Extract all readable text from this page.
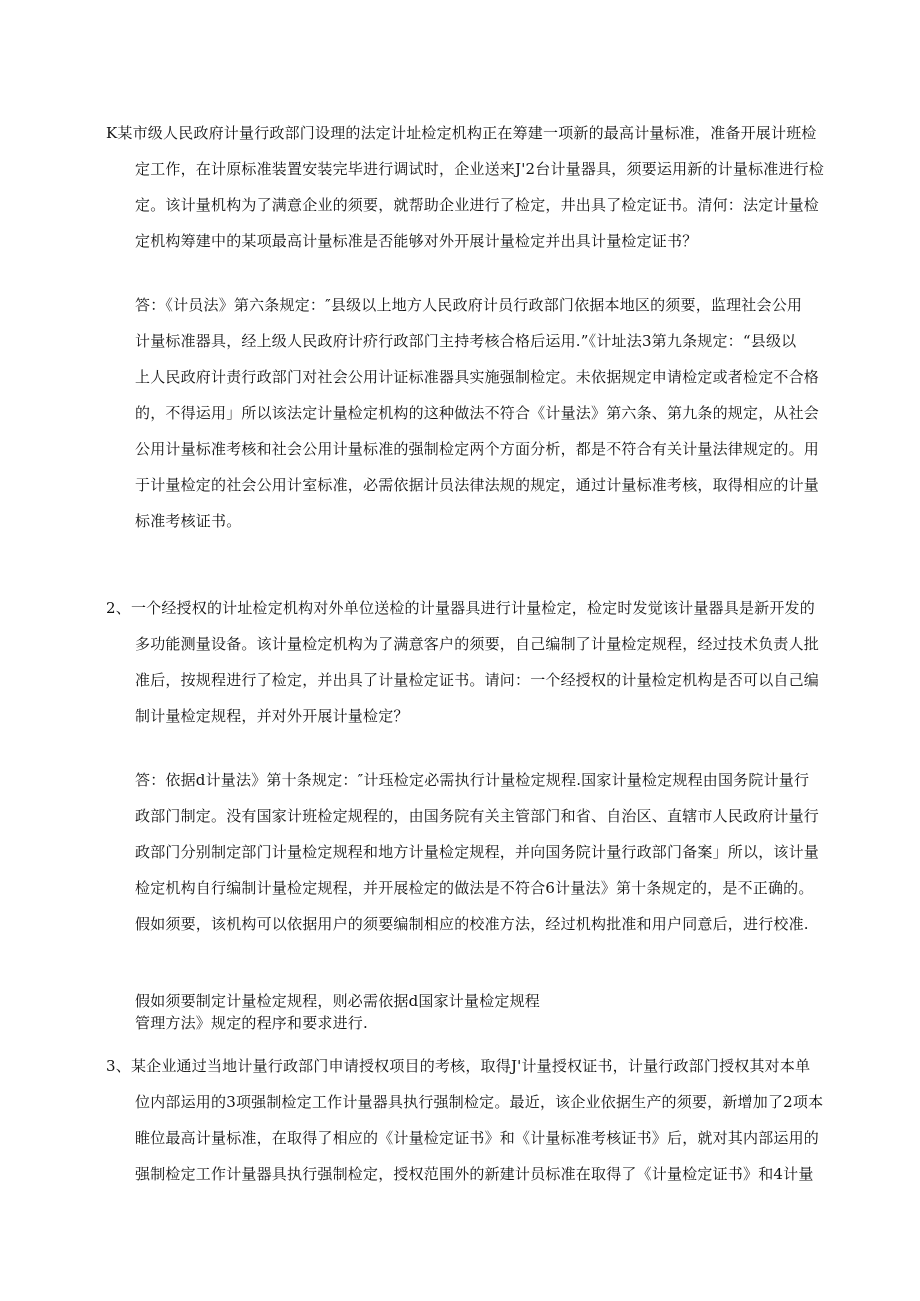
K某市级人民政府计量行政部门设理的法定计址检定机构正在筹建一项新的最高计量标准，准备开展计班检
定工作，在计原标准装置安装完毕进行调试时，企业送来J'2台计量器具，须要运用新的计量标准进行检
定。该计量机构为了满意企业的须要，就帮助企业进行了检定，井出具了检定证书。清何：法定计量检
定机构筹建中的某项最高计量标准是否能够对外开展计量检定并出具计量检定证书？
答：《计员法》第六条规定：″县级以上地方人民政府计员行政部门依据本地区的须要，监理社会公用
计量标准器具，经上级人民政府计疥行政部门主持考核合格后运用.”《计址法3第九条规定：“县级以
上人民政府计责行政部门对社会公用计证标准器具实施强制检定。未依据规定申请检定或者检定不合格
的，不得运用」所以该法定计量检定机构的这种做法不符合《计量法》第六条、第九条的规定，从社会
公用计量标准考核和社会公用计量标准的强制检定两个方面分析，都是不符合有关计量法律规定的。用
于计量检定的社会公用计室标准，必需依据计员法律法规的规定，通过计量标准考核，取得相应的计量
标准考核证书。
2、一个经授权的计址检定机构对外单位送检的计量器具进行计量检定，检定时发觉该计量器具是新开发的
多功能测量设备。该计量检定机构为了满意客户的须要，自己编制了计量检定规程，经过技术负责人批
准后，按规程进行了检定，并出具了计量检定证书。请问：一个经授权的计量检定机构是否可以自己编
制计量检定规程，并对外开展计量检定？
答：依据d计量法》第十条规定：″计珏检定必需执行计量检定规程.国家计量检定规程由国务院计量行
政部门制定。没有国家计班检定规程的，由国务院有关主管部门和省、自治区、直辖市人民政府计量行
政部门分别制定部门计量检定规程和地方计量检定规程，并向国务院计量行政部门备案」所以，该计量
检定机构自行编制计量检定规程，并开展检定的做法是不符合6计量法》第十条规定的，是不正确的。
假如须要，该机构可以依据用户的须要编制相应的校准方法，经过机构批准和用户同意后，进行校准.
假如须要制定计量检定规程，则必需依据d国家计量检定规程
管理方法》规定的程序和要求进行.
3、某企业通过当地计量行政部门申请授权项目的考核，取得J'计量授权证书，计量行政部门授权其对本单
位内部运用的3项强制检定工作计量器具执行强制检定。最近，该企业依据生产的须要，新增加了2项本
睢位最高计量标准，在取得了相应的《计量检定证书》和《计量标准考核证书》后，就对其内部运用的
强制检定工作计量器具执行强制检定，授权范围外的新建计员标准在取得了《计量检定证书》和4计量
